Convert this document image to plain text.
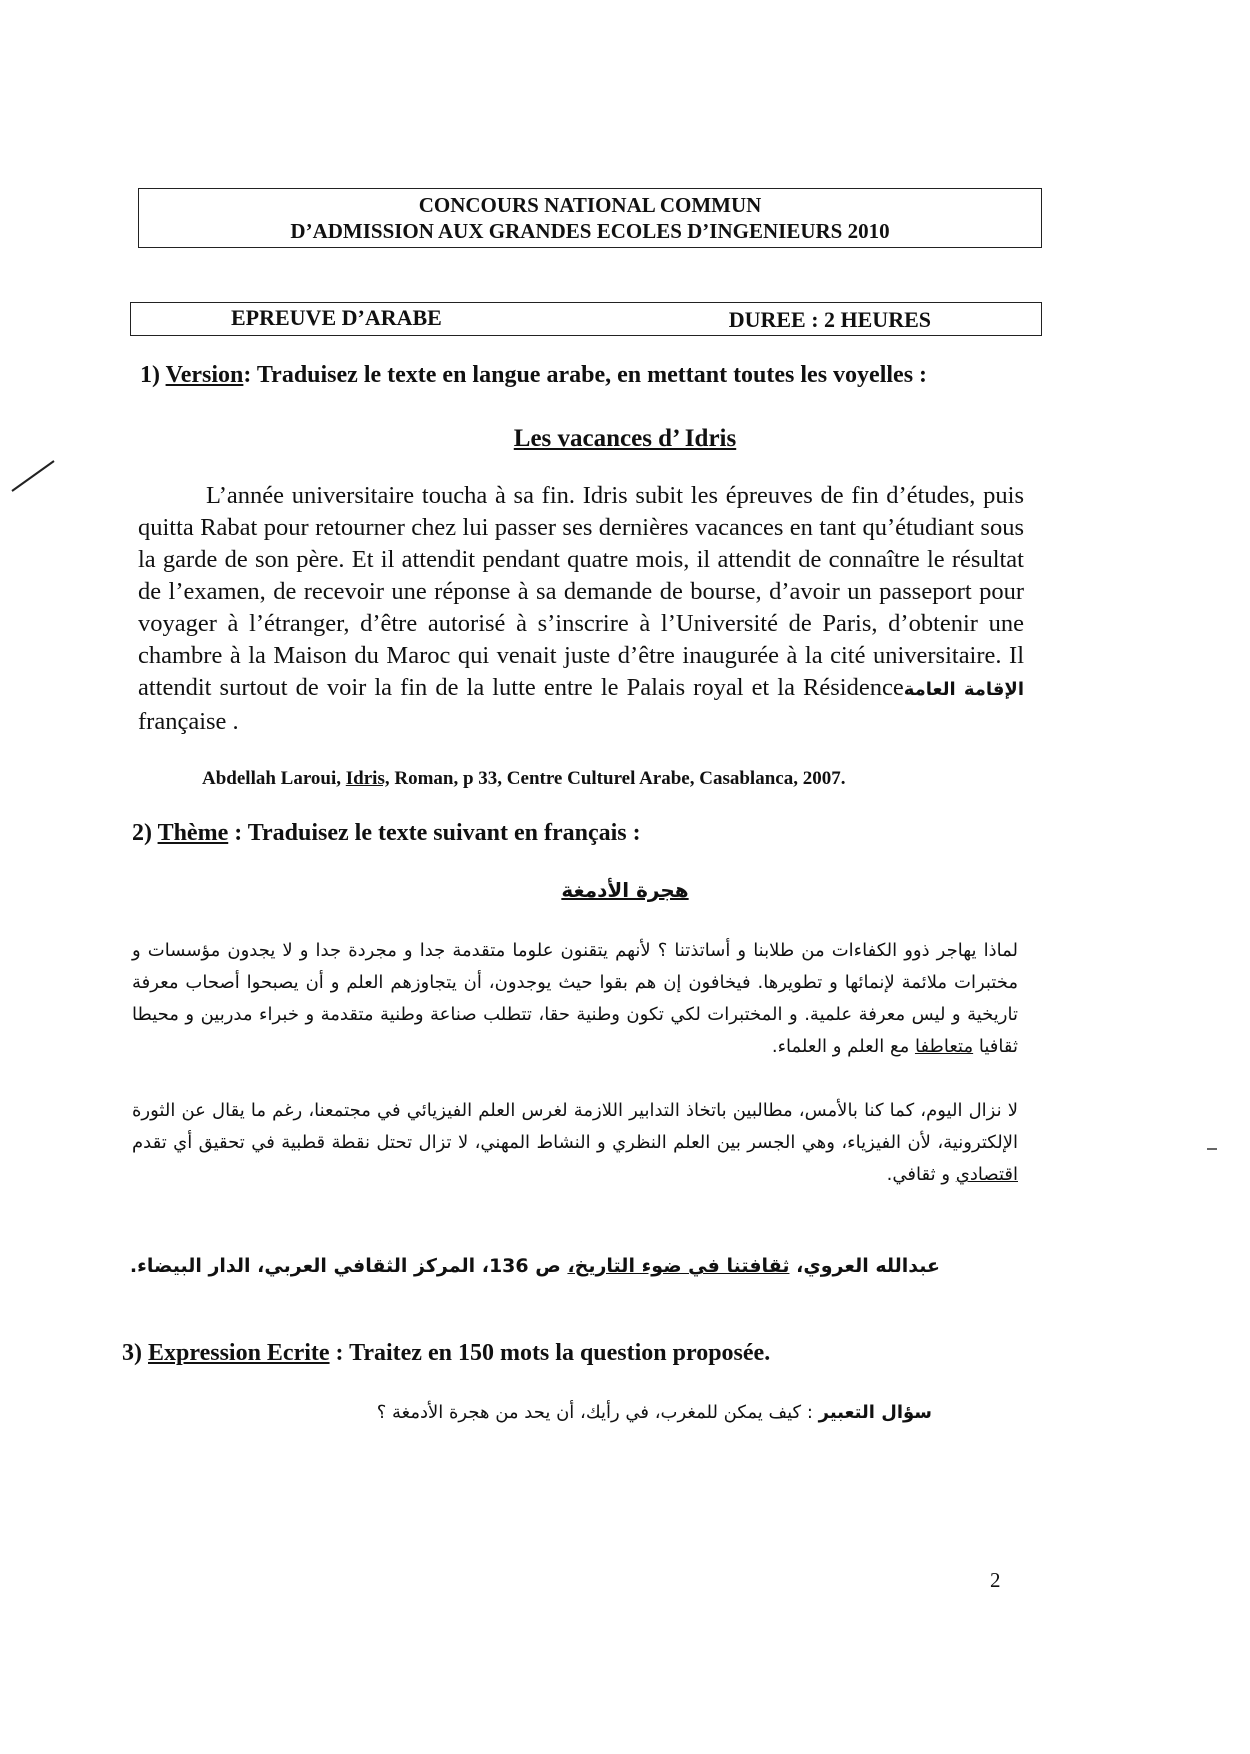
CONCOURS NATIONAL COMMUN
D’ADMISSION AUX GRANDES ECOLES D’INGENIEURS 2010
EPREUVE D’ARABE	DUREE : 2 HEURES
1) Version: Traduisez le texte en langue arabe, en mettant toutes les voyelles :
Les vacances d’ Idris
L’année universitaire toucha à sa fin. Idris subit les épreuves de fin d’études, puis quitta Rabat pour retourner chez lui passer ses dernières vacances en tant qu’étudiant sous la garde de son père. Et il attendit pendant quatre mois, il attendit de connaître le résultat de l’examen, de recevoir une réponse à sa demande de bourse, d’avoir un passeport pour voyager à l’étranger, d’être autorisé à s’inscrire à l’Université de Paris, d’obtenir une chambre à la Maison du Maroc qui venait juste d’être inaugurée à la cité universitaire. Il attendit surtout de voir la fin de la lutte entre le Palais royal et la Résidenceالإقامة العامة française .
Abdellah Laroui, Idris, Roman, p 33, Centre Culturel Arabe, Casablanca, 2007.
2) Thème : Traduisez le texte suivant en français :
هجرة الأدمغة
لماذا يهاجر ذوو الكفاءات من طلابنا و أساتذتنا ؟ لأنهم يتقنون علوما متقدمة جدا و مجردة جدا و لا يجدون مؤسسات و مختبرات ملائمة لإنمائها و تطويرها. فيخافون إن هم بقوا حيث يوجدون، أن يتجاوزهم العلم و أن يصبحوا أصحاب معرفة تاريخية و ليس معرفة علمية. و المختبرات لكي تكون وطنية حقا، تتطلب صناعة وطنية متقدمة و خبراء مدربين و محيطا ثقافيا متعاطفا مع العلم و العلماء.
لا نزال اليوم، كما كنا بالأمس، مطالبين باتخاذ التدابير اللازمة لغرس العلم الفيزيائي في مجتمعنا، رغم ما يقال عن الثورة الإلكترونية، لأن الفيزياء، وهي الجسر بين العلم النظري و النشاط المهني، لا تزال تحتل نقطة قطبية في تحقيق أي تقدم اقتصادي و ثقافي.
عبدالله العروي، ثقافتنا في ضوء التاريخ، ص 136، المركز الثقافي العربي، الدار البيضاء.
3) Expression Ecrite : Traitez en 150 mots la question proposée.
سؤال التعبير : كيف يمكن للمغرب، في رأيك، أن يحد من هجرة الأدمغة ؟
2
